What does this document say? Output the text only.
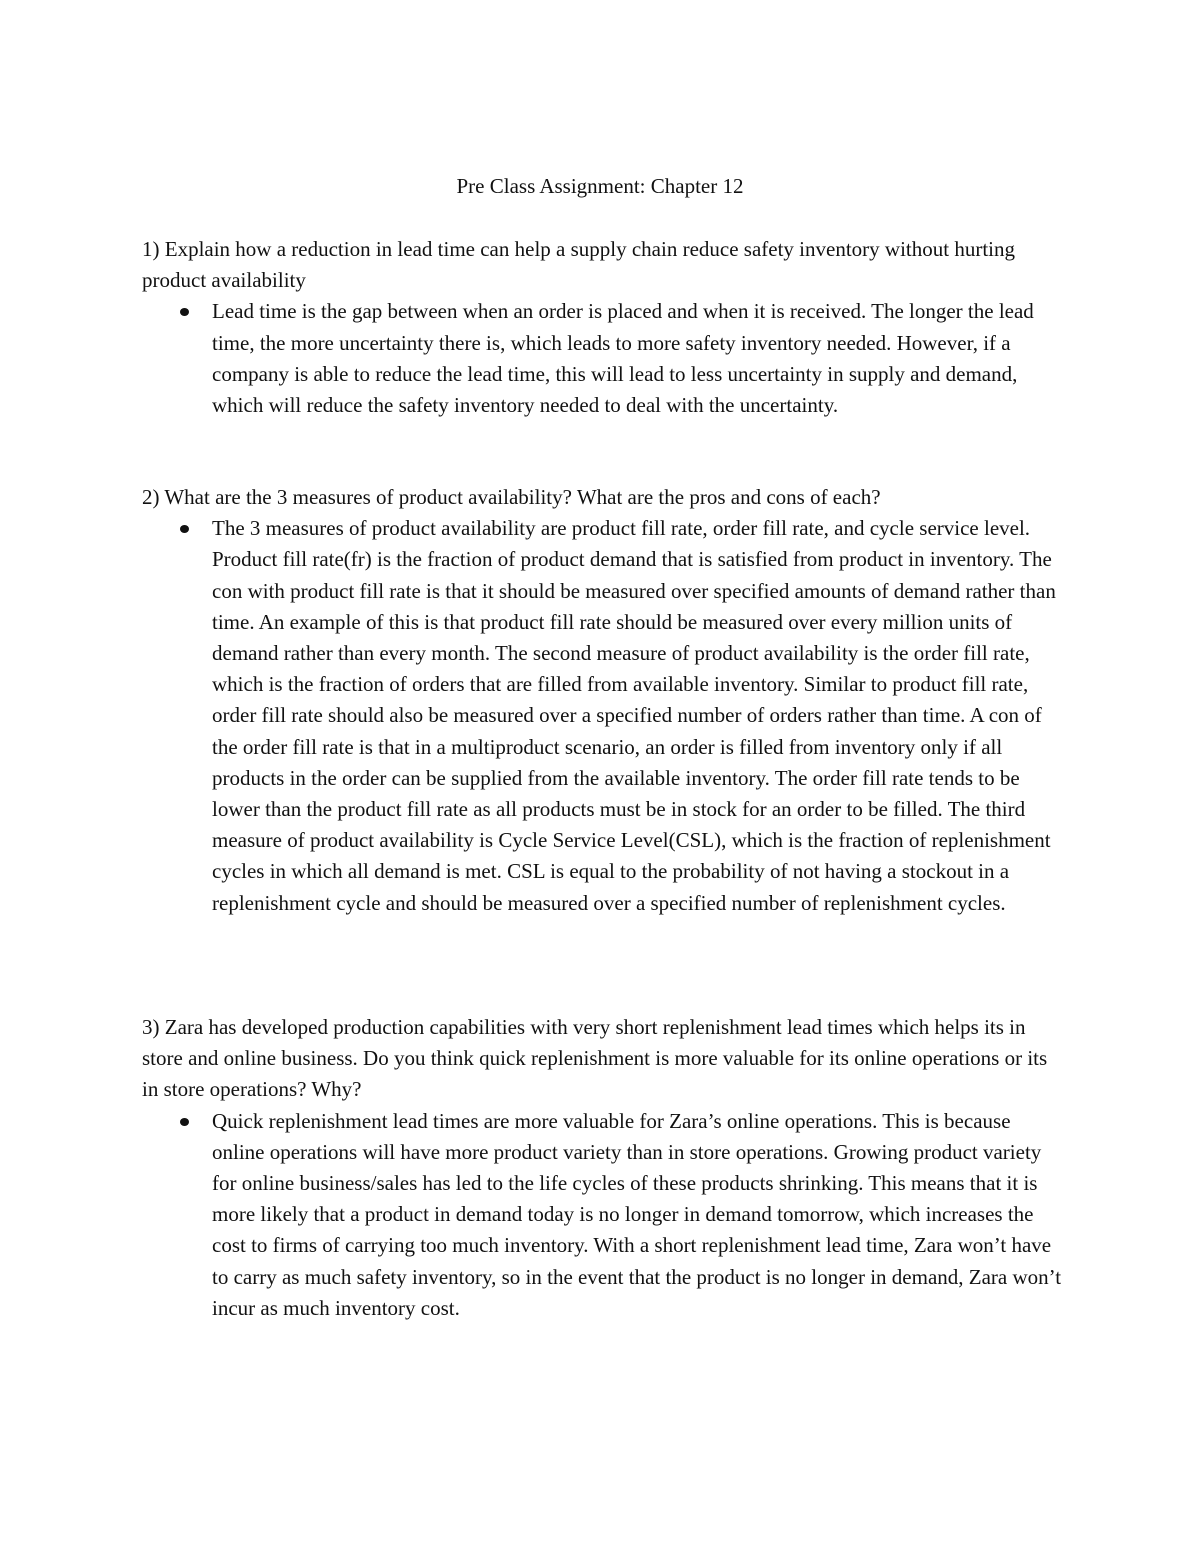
Pre Class Assignment: Chapter 12

1) Explain how a reduction in lead time can help a supply chain reduce safety inventory without hurting product availability

Lead time is the gap between when an order is placed and when it is received. The longer the lead time, the more uncertainty there is, which leads to more safety inventory needed. However, if a company is able to reduce the lead time, this will lead to less uncertainty in supply and demand, which will reduce the safety inventory needed to deal with the uncertainty.

2) What are the 3 measures of product availability? What are the pros and cons of each?

The 3 measures of product availability are product fill rate, order fill rate, and cycle service level. Product fill rate(fr) is the fraction of product demand that is satisfied from product in inventory. The con with product fill rate is that it should be measured over specified amounts of demand rather than time. An example of this is that product fill rate should be measured over every million units of demand rather than every month. The second measure of product availability is the order fill rate, which is the fraction of orders that are filled from available inventory. Similar to product fill rate, order fill rate should also be measured over a specified number of orders rather than time. A con of the order fill rate is that in a multiproduct scenario, an order is filled from inventory only if all products in the order can be supplied from the available inventory. The order fill rate tends to be lower than the product fill rate as all products must be in stock for an order to be filled. The third measure of product availability is Cycle Service Level(CSL), which is the fraction of replenishment cycles in which all demand is met. CSL is equal to the probability of not having a stockout in a replenishment cycle and should be measured over a specified number of replenishment cycles.

3) Zara has developed production capabilities with very short replenishment lead times which helps its in store and online business. Do you think quick replenishment is more valuable for its online operations or its in store operations? Why?

Quick replenishment lead times are more valuable for Zara’s online operations. This is because online operations will have more product variety than in store operations. Growing product variety for online business/sales has led to the life cycles of these products shrinking. This means that it is more likely that a product in demand today is no longer in demand tomorrow, which increases the cost to firms of carrying too much inventory. With a short replenishment lead time, Zara won’t have to carry as much safety inventory, so in the event that the product is no longer in demand, Zara won’t incur as much inventory cost.
